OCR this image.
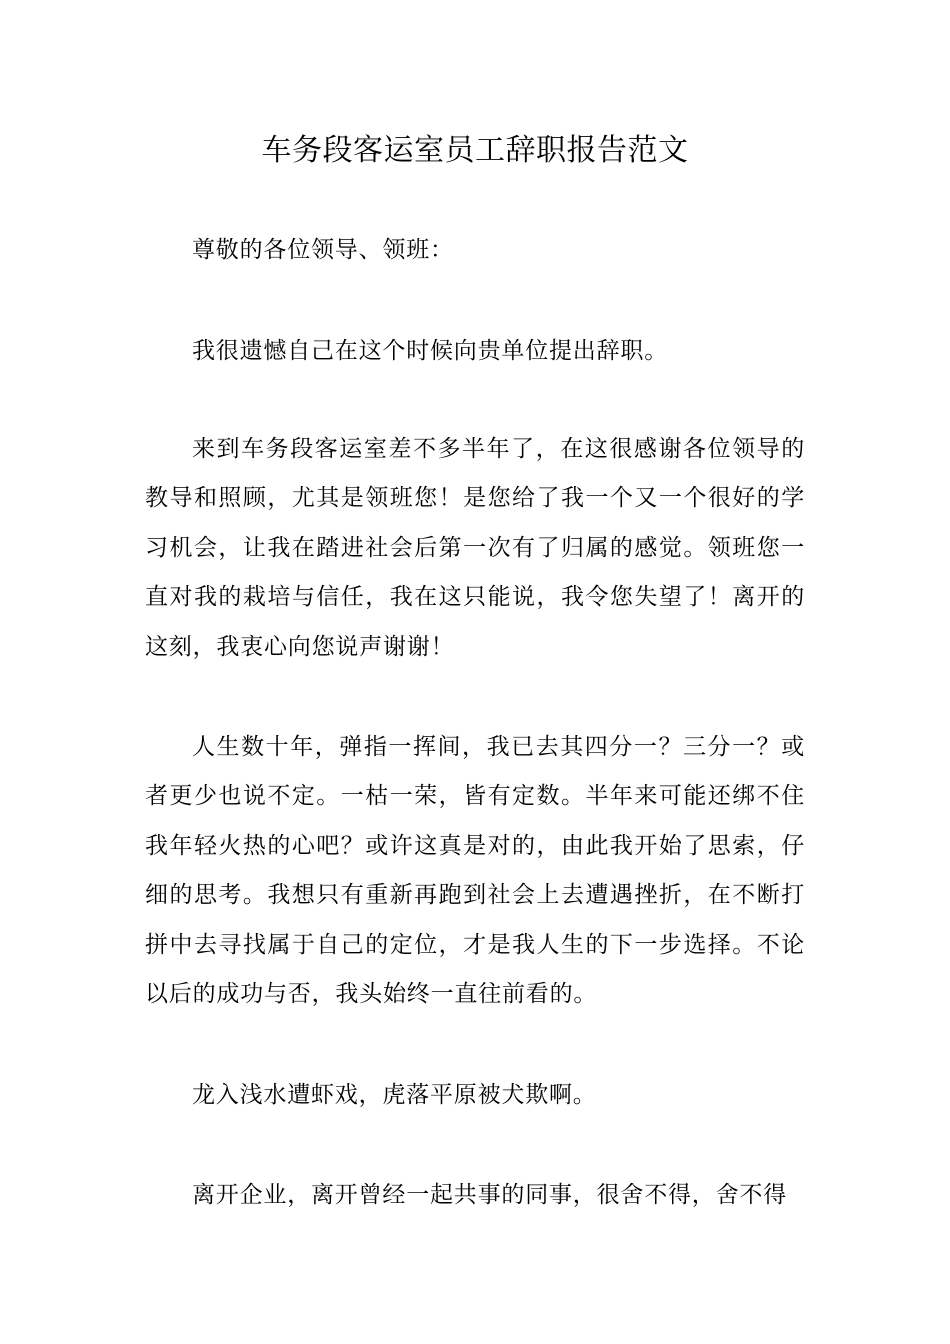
车务段客运室员工辞职报告范文

尊敬的各位领导、领班：

我很遗憾自己在这个时候向贵单位提出辞职。

来到车务段客运室差不多半年了，在这很感谢各位领导的教导和照顾，尤其是领班您！是您给了我一个又一个很好的学习机会，让我在踏进社会后第一次有了归属的感觉。领班您一直对我的栽培与信任，我在这只能说，我令您失望了！离开的这刻，我衷心向您说声谢谢！

人生数十年，弹指一挥间，我已去其四分一？三分一？或者更少也说不定。一枯一荣，皆有定数。半年来可能还绑不住我年轻火热的心吧？或许这真是对的，由此我开始了思索，仔细的思考。我想只有重新再跑到社会上去遭遇挫折，在不断打拼中去寻找属于自己的定位，才是我人生的下一步选择。不论以后的成功与否，我头始终一直往前看的。

龙入浅水遭虾戏，虎落平原被犬欺啊。

离开企业，离开曾经一起共事的同事，很舍不得，舍不得
